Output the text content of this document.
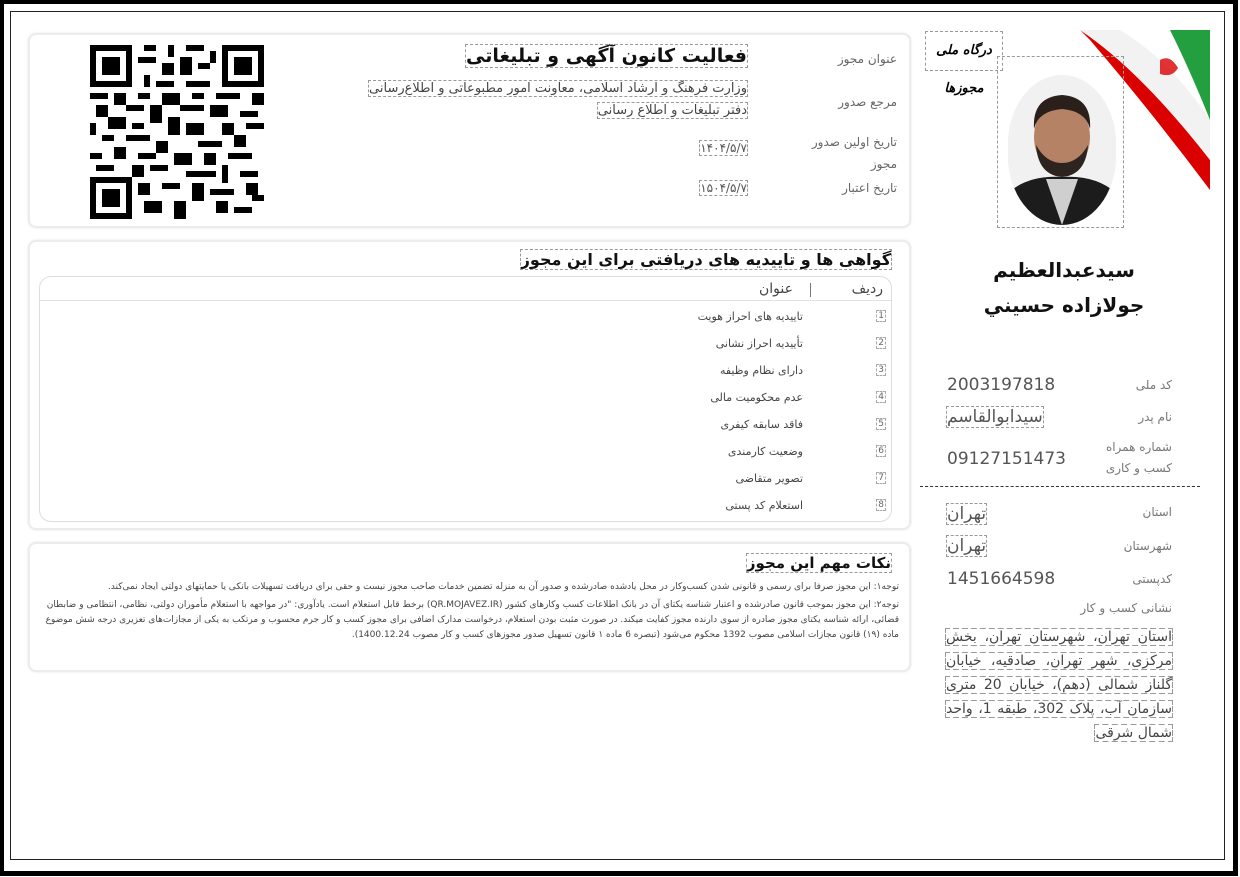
عنوان مجوز
فعالیت کانون آگهی و تبلیغاتی
مرجع صدور
وزارت فرهنگ و ارشاد اسلامی، معاونت امور مطبوعاتی و اطلاع‌رسانی
دفتر تبلیغات و اطلاع رسانی
تاریخ اولین صدور مجوز
۱۴۰۴/۵/۷
تاریخ اعتبار
۱۵۰۴/۵/۷
گواهی ها و تاییدیه های دریافتی برای این مجوز
ردیف
عنوان
1
تاییدیه های احراز هویت
2
تأییدیه احراز نشانی
3
دارای نظام وظیفه
4
عدم محکومیت مالی
5
فاقد سابقه کیفری
6
وضعیت کارمندی
7
تصویر متقاضی
8
استعلام کد پستی
نکات مهم این مجوز

توجه۱: این مجوز صرفا برای رسمی و قانونی شدن کسب‌وکار در محل یادشده صادرشده و صدور آن به منزله تضمین خدمات صاحب مجوز نیست و حقی برای دریافت تسهیلات بانکی یا حمایتهای دولتی ایجاد نمی‌کند.

توجه۲: این مجوز بموجب قانون صادرشده و اعتبار شناسه یکتای آن در بانک اطلاعات کسب وکارهای کشور (QR.MOJAVEZ.IR) برخط قابل استعلام است. یادآوری: "در مواجهه با استعلام مأموران دولتی، نظامی، انتظامی و ضابطان قضائی، ارائه شناسه یکتای مجوز صادره از سوی دارنده مجوز کفایت میکند. در صورت مثبت بودن استعلام، درخواست مدارک اضافی برای مجوز کسب و کار جرم محسوب و مرتکب به یکی از مجازات‌های تعزیری درجه شش موضوع ماده (۱۹) قانون مجازات اسلامی مصوب 1392 محکوم می‌شود (تبصره 6 ماده ۱ قانون تسهیل صدور مجوزهای کسب و کار مصوب 1400.12.24).

درگاه ملی مجوزها
سیدعبدالعظیم
جولازاده حسيني
کد ملی
2003197818
نام پدر
سیدابوالقاسم
شماره همراه
کسب و کاری
09127151473
استان
تهران
شهرستان
تهران
کدپستی
1451664598
نشانی کسب و کار
استان تهران، شهرستان تهران، بخش مرکزی، شهر تهران، صادقیه، خیابان گلناز شمالی (دهم)، خیابان 20 متری سازمان آب، پلاک 302، طبقه 1، واحد شمال شرقی
